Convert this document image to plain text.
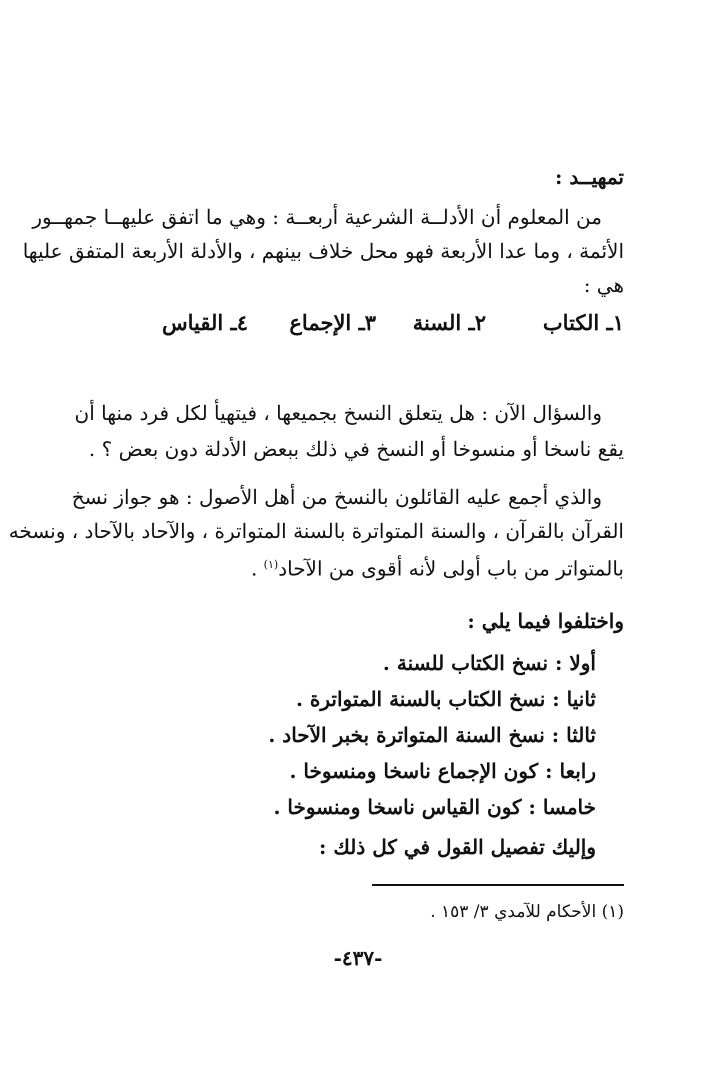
تمهيــد :
من المعلوم أن الأدلــة الشرعية أربعــة : وهي ما اتفق عليهــا جمهــور
الأئمة ، وما عدا الأربعة فهو محل خلاف بينهم ، والأدلة الأربعة المتفق عليها
هي :
١ـ الكتاب
٢ـ السنة
٣ـ الإجماع
٤ـ القياس
والسؤال الآن : هل يتعلق النسخ بجميعها ، فيتهيأ لكل فرد منها أن
يقع ناسخا أو منسوخا أو النسخ في ذلك ببعض الأدلة دون بعض ؟ .
والذي أجمع عليه القائلون بالنسخ من أهل الأصول : هو جواز نسخ
القرآن بالقرآن ، والسنة المتواترة بالسنة المتواترة ، والآحاد بالآحاد ، ونسخه
بالمتواتر من باب أولى لأنه أقوى من الآحاد$^{(١)}$ .
واختلفوا فيما يلي :
أولا : نسخ الكتاب للسنة .
ثانيا : نسخ الكتاب بالسنة المتواترة .
ثالثا : نسخ السنة المتواترة بخبر الآحاد .
رابعا : كون الإجماع ناسخا ومنسوخا .
خامسا : كون القياس ناسخا ومنسوخا .
وإليك تفصيل القول في كل ذلك :
(١) الأحكام للآمدي ٣/ ١٥٣ .
-٤٣٧-
